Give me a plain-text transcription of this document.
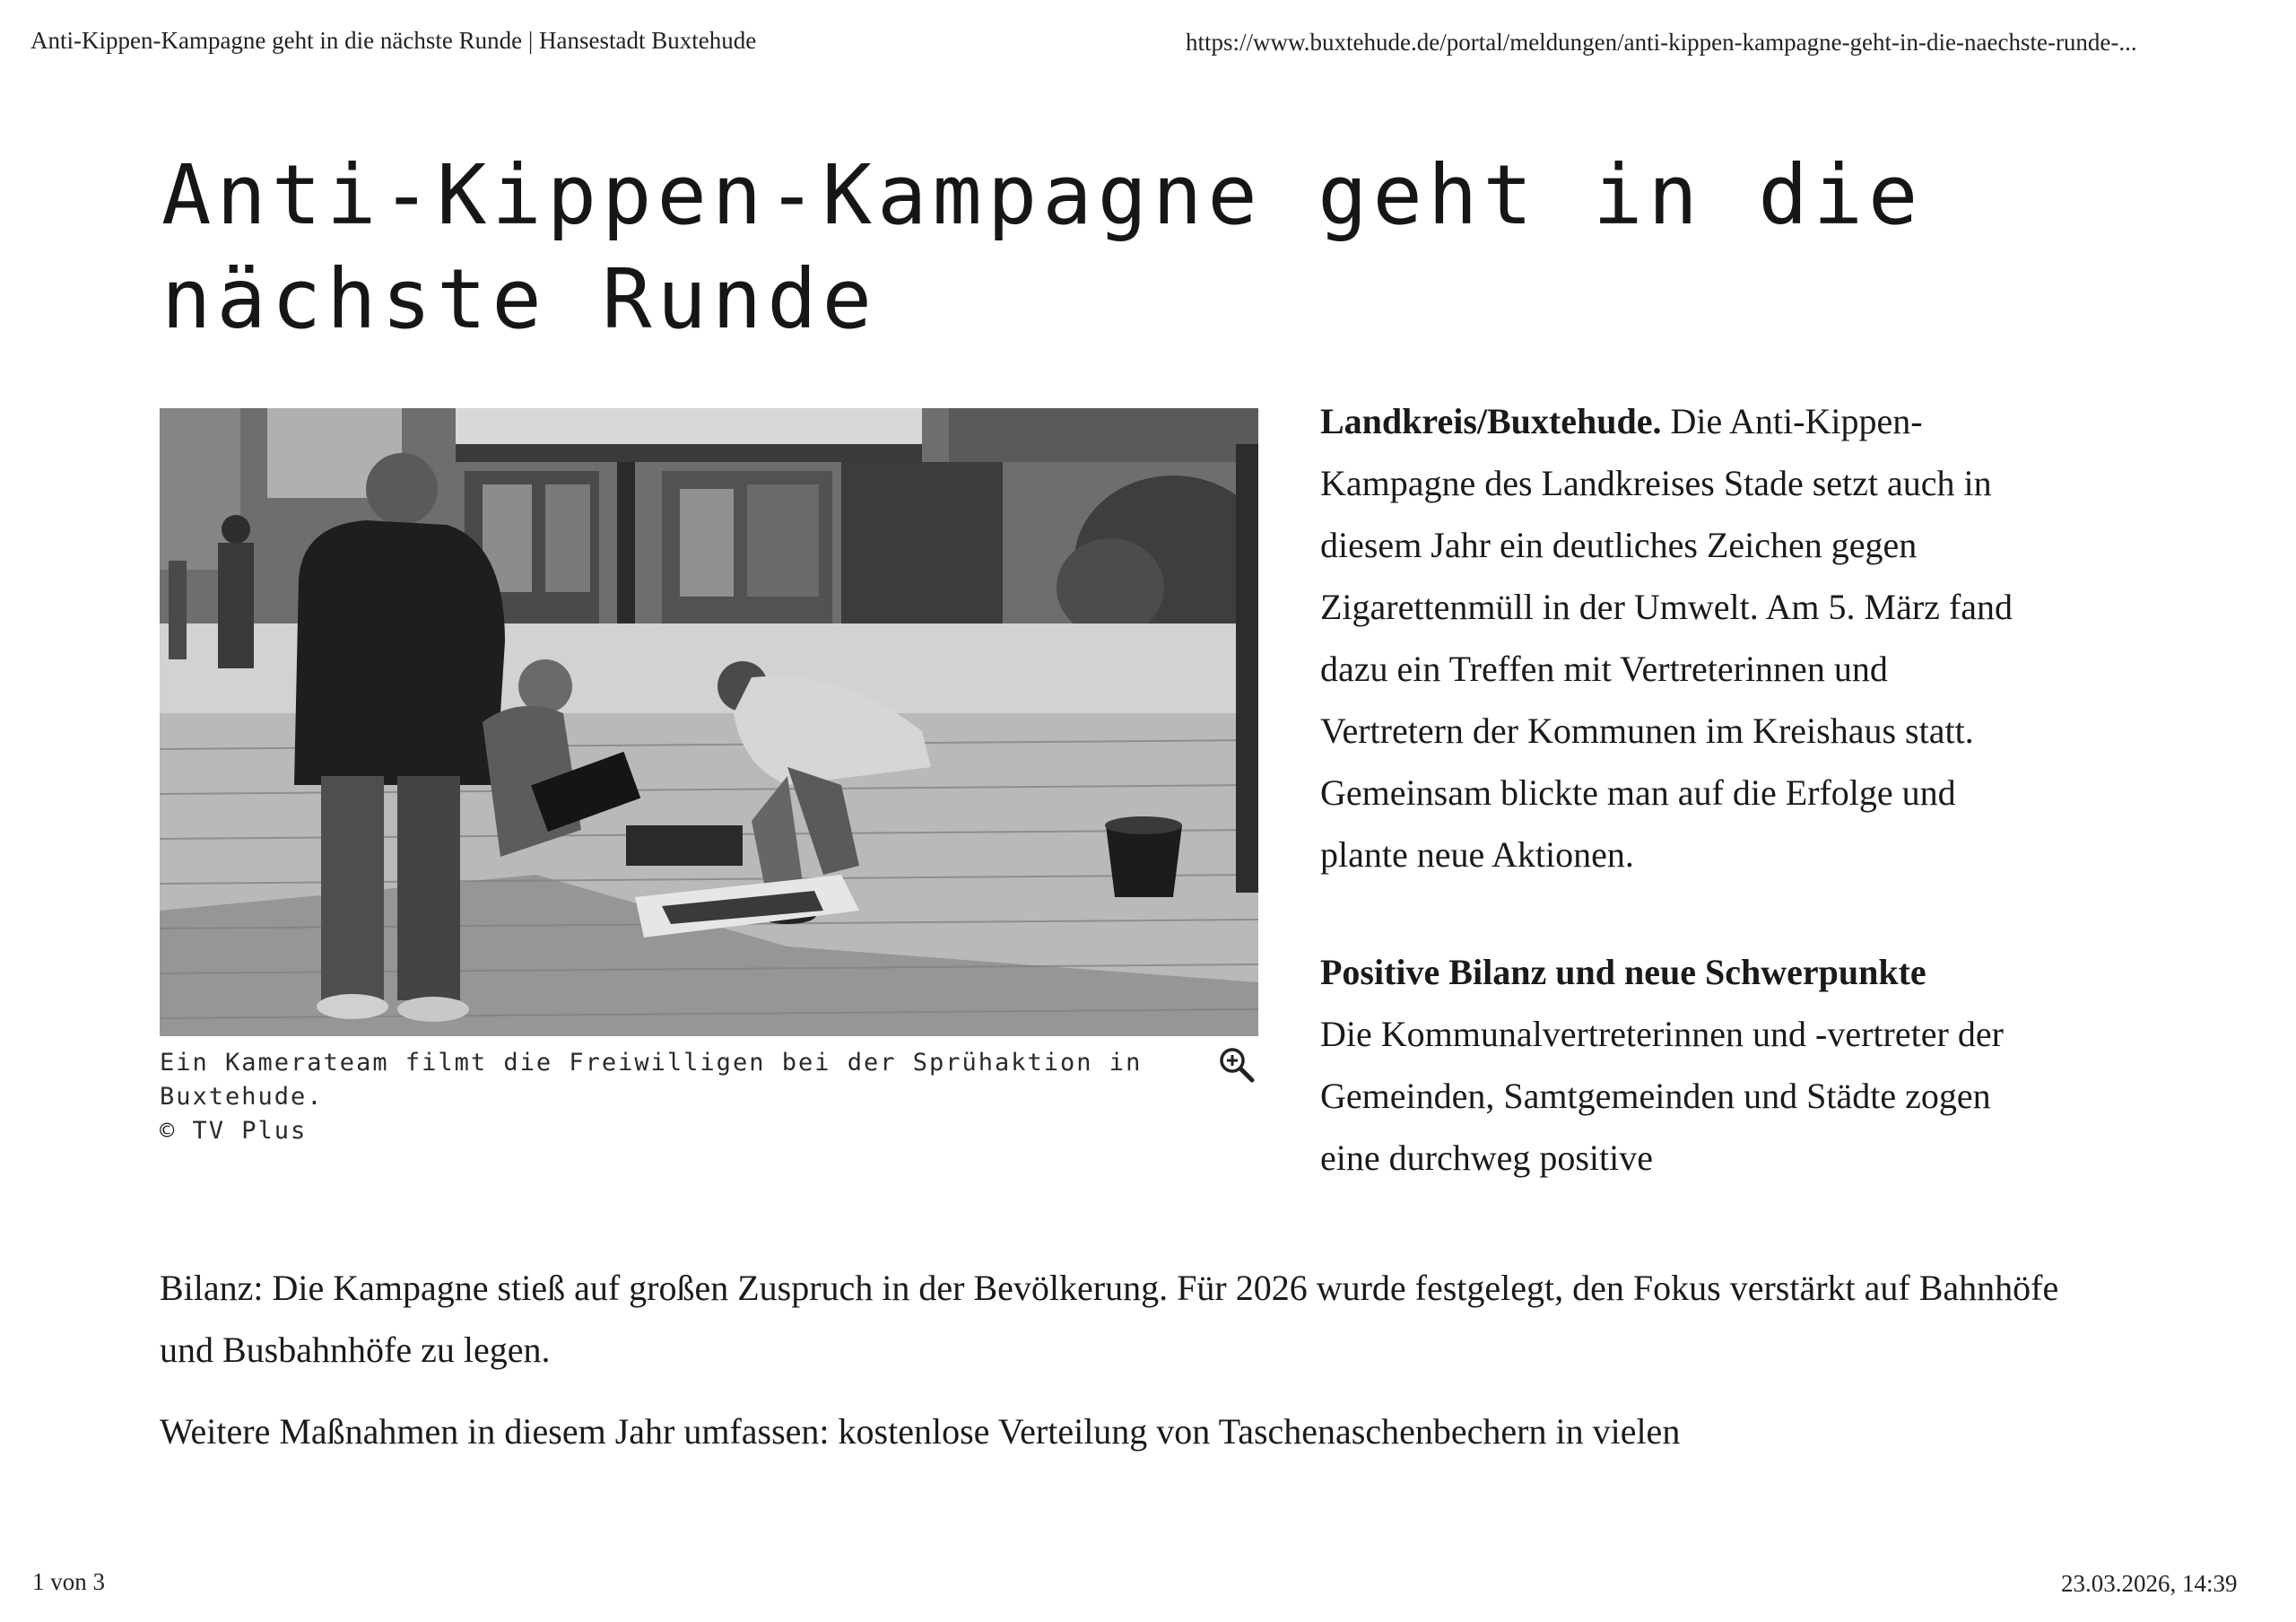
Anti-Kippen-Kampagne geht in die nächste Runde | Hansestadt Buxtehude	https://www.buxtehude.de/portal/meldungen/anti-kippen-kampagne-geht-in-die-naechste-runde-...
Anti-Kippen-Kampagne geht in die nächste Runde
Ein Kamerateam filmt die Freiwilligen bei der Sprühaktion in Buxtehude.
© TV Plus

Landkreis/Buxtehude. Die Anti-Kippen-Kampagne des Landkreises Stade setzt auch in diesem Jahr ein deutliches Zeichen gegen Zigarettenmüll in der Umwelt. Am 5. März fand dazu ein Treffen mit Vertreterinnen und Vertretern der Kommunen im Kreishaus statt. Gemeinsam blickte man auf die Erfolge und plante neue Aktionen.

Positive Bilanz und neue Schwerpunkte

Die Kommunalvertreterinnen und -vertreter der Gemeinden, Samtgemeinden und Städte zogen eine durchweg positive

Bilanz: Die Kampagne stieß auf großen Zuspruch in der Bevölkerung. Für 2026 wurde festgelegt, den Fokus verstärkt auf Bahnhöfe und Busbahnhöfe zu legen.

Weitere Maßnahmen in diesem Jahr umfassen: kostenlose Verteilung von Taschenaschenbechern in vielen

1 von 3	23.03.2026, 14:39
